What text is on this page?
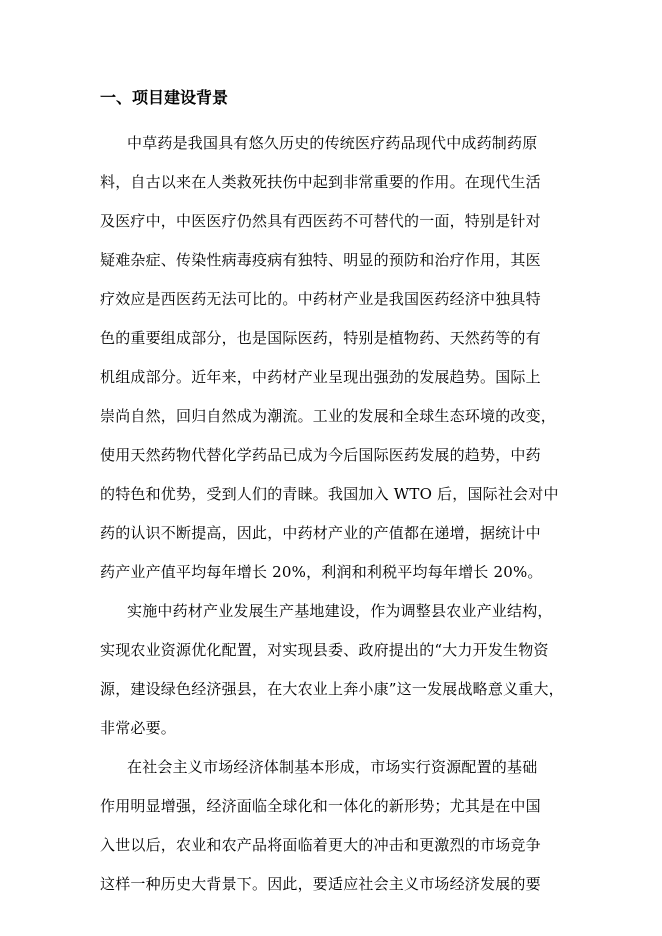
一、项目建设背景
中草药是我国具有悠久历史的传统医疗药品现代中成药制药原
料，自古以来在人类救死扶伤中起到非常重要的作用。在现代生活
及医疗中，中医医疗仍然具有西医药不可替代的一面，特别是针对
疑难杂症、传染性病毒疫病有独特、明显的预防和治疗作用，其医
疗效应是西医药无法可比的。中药材产业是我国医药经济中独具特
色的重要组成部分，也是国际医药，特别是植物药、天然药等的有
机组成部分。近年来，中药材产业呈现出强劲的发展趋势。国际上
崇尚自然，回归自然成为潮流。工业的发展和全球生态环境的改变，
使用天然药物代替化学药品已成为今后国际医药发展的趋势，中药
的特色和优势，受到人们的青睐。我国加入 WTO 后，国际社会对中
药的认识不断提高，因此，中药材产业的产值都在递增，据统计中
药产业产值平均每年增长 20%，利润和利税平均每年增长 20%。
实施中药材产业发展生产基地建设，作为调整县农业产业结构，
实现农业资源优化配置，对实现县委、政府提出的“大力开发生物资
源，建设绿色经济强县，在大农业上奔小康”这一发展战略意义重大，
非常必要。
在社会主义市场经济体制基本形成，市场实行资源配置的基础
作用明显增强，经济面临全球化和一体化的新形势；尤其是在中国
入世以后，农业和农产品将面临着更大的冲击和更激烈的市场竞争
这样一种历史大背景下。因此，要适应社会主义市场经济发展的要
